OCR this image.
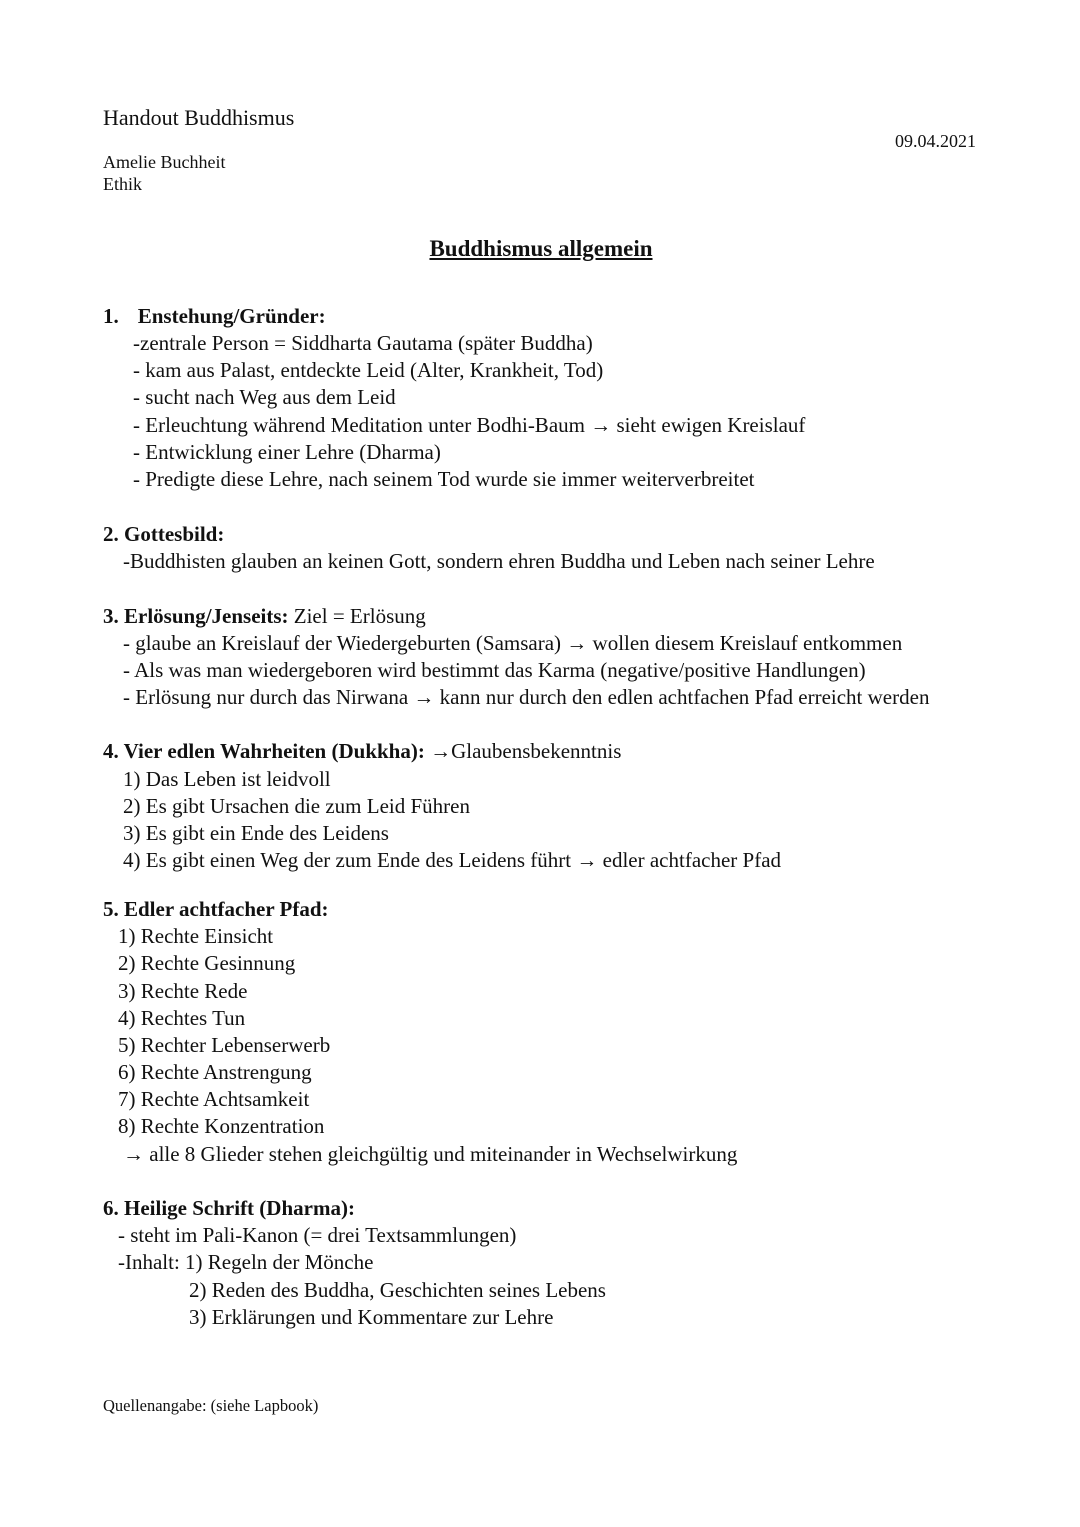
Handout Buddhismus
09.04.2021
Amelie Buchheit
Ethik
Buddhismus allgemein
1. Enstehung/Gründer:
-zentrale Person = Siddharta Gautama (später Buddha)
- kam aus Palast, entdeckte Leid (Alter, Krankheit, Tod)
- sucht nach Weg aus dem Leid
- Erleuchtung während Meditation unter Bodhi-Baum → sieht ewigen Kreislauf
- Entwicklung einer Lehre (Dharma)
- Predigte diese Lehre, nach seinem Tod wurde sie immer weiterverbreitet
2. Gottesbild:
-Buddhisten glauben an keinen Gott, sondern ehren Buddha und Leben nach seiner Lehre
3. Erlösung/Jenseits: Ziel = Erlösung
- glaube an Kreislauf der Wiedergeburten (Samsara) → wollen diesem Kreislauf entkommen
- Als was man wiedergeboren wird bestimmt das Karma (negative/positive Handlungen)
- Erlösung nur durch das Nirwana → kann nur durch den edlen achtfachen Pfad erreicht werden
4. Vier edlen Wahrheiten (Dukkha): →Glaubensbekenntnis
1) Das Leben ist leidvoll
2) Es gibt Ursachen die zum Leid Führen
3) Es gibt ein Ende des Leidens
4) Es gibt einen Weg der zum Ende des Leidens führt → edler achtfacher Pfad
5. Edler achtfacher Pfad:
1) Rechte Einsicht
2) Rechte Gesinnung
3) Rechte Rede
4) Rechtes Tun
5) Rechter Lebenserwerb
6) Rechte Anstrengung
7) Rechte Achtsamkeit
8) Rechte Konzentration
→ alle 8 Glieder stehen gleichgültig und miteinander in Wechselwirkung
6. Heilige Schrift (Dharma):
- steht im Pali-Kanon (= drei Textsammlungen)
-Inhalt: 1) Regeln der Mönche
2) Reden des Buddha, Geschichten seines Lebens
3) Erklärungen und Kommentare zur Lehre
Quellenangabe: (siehe Lapbook)
